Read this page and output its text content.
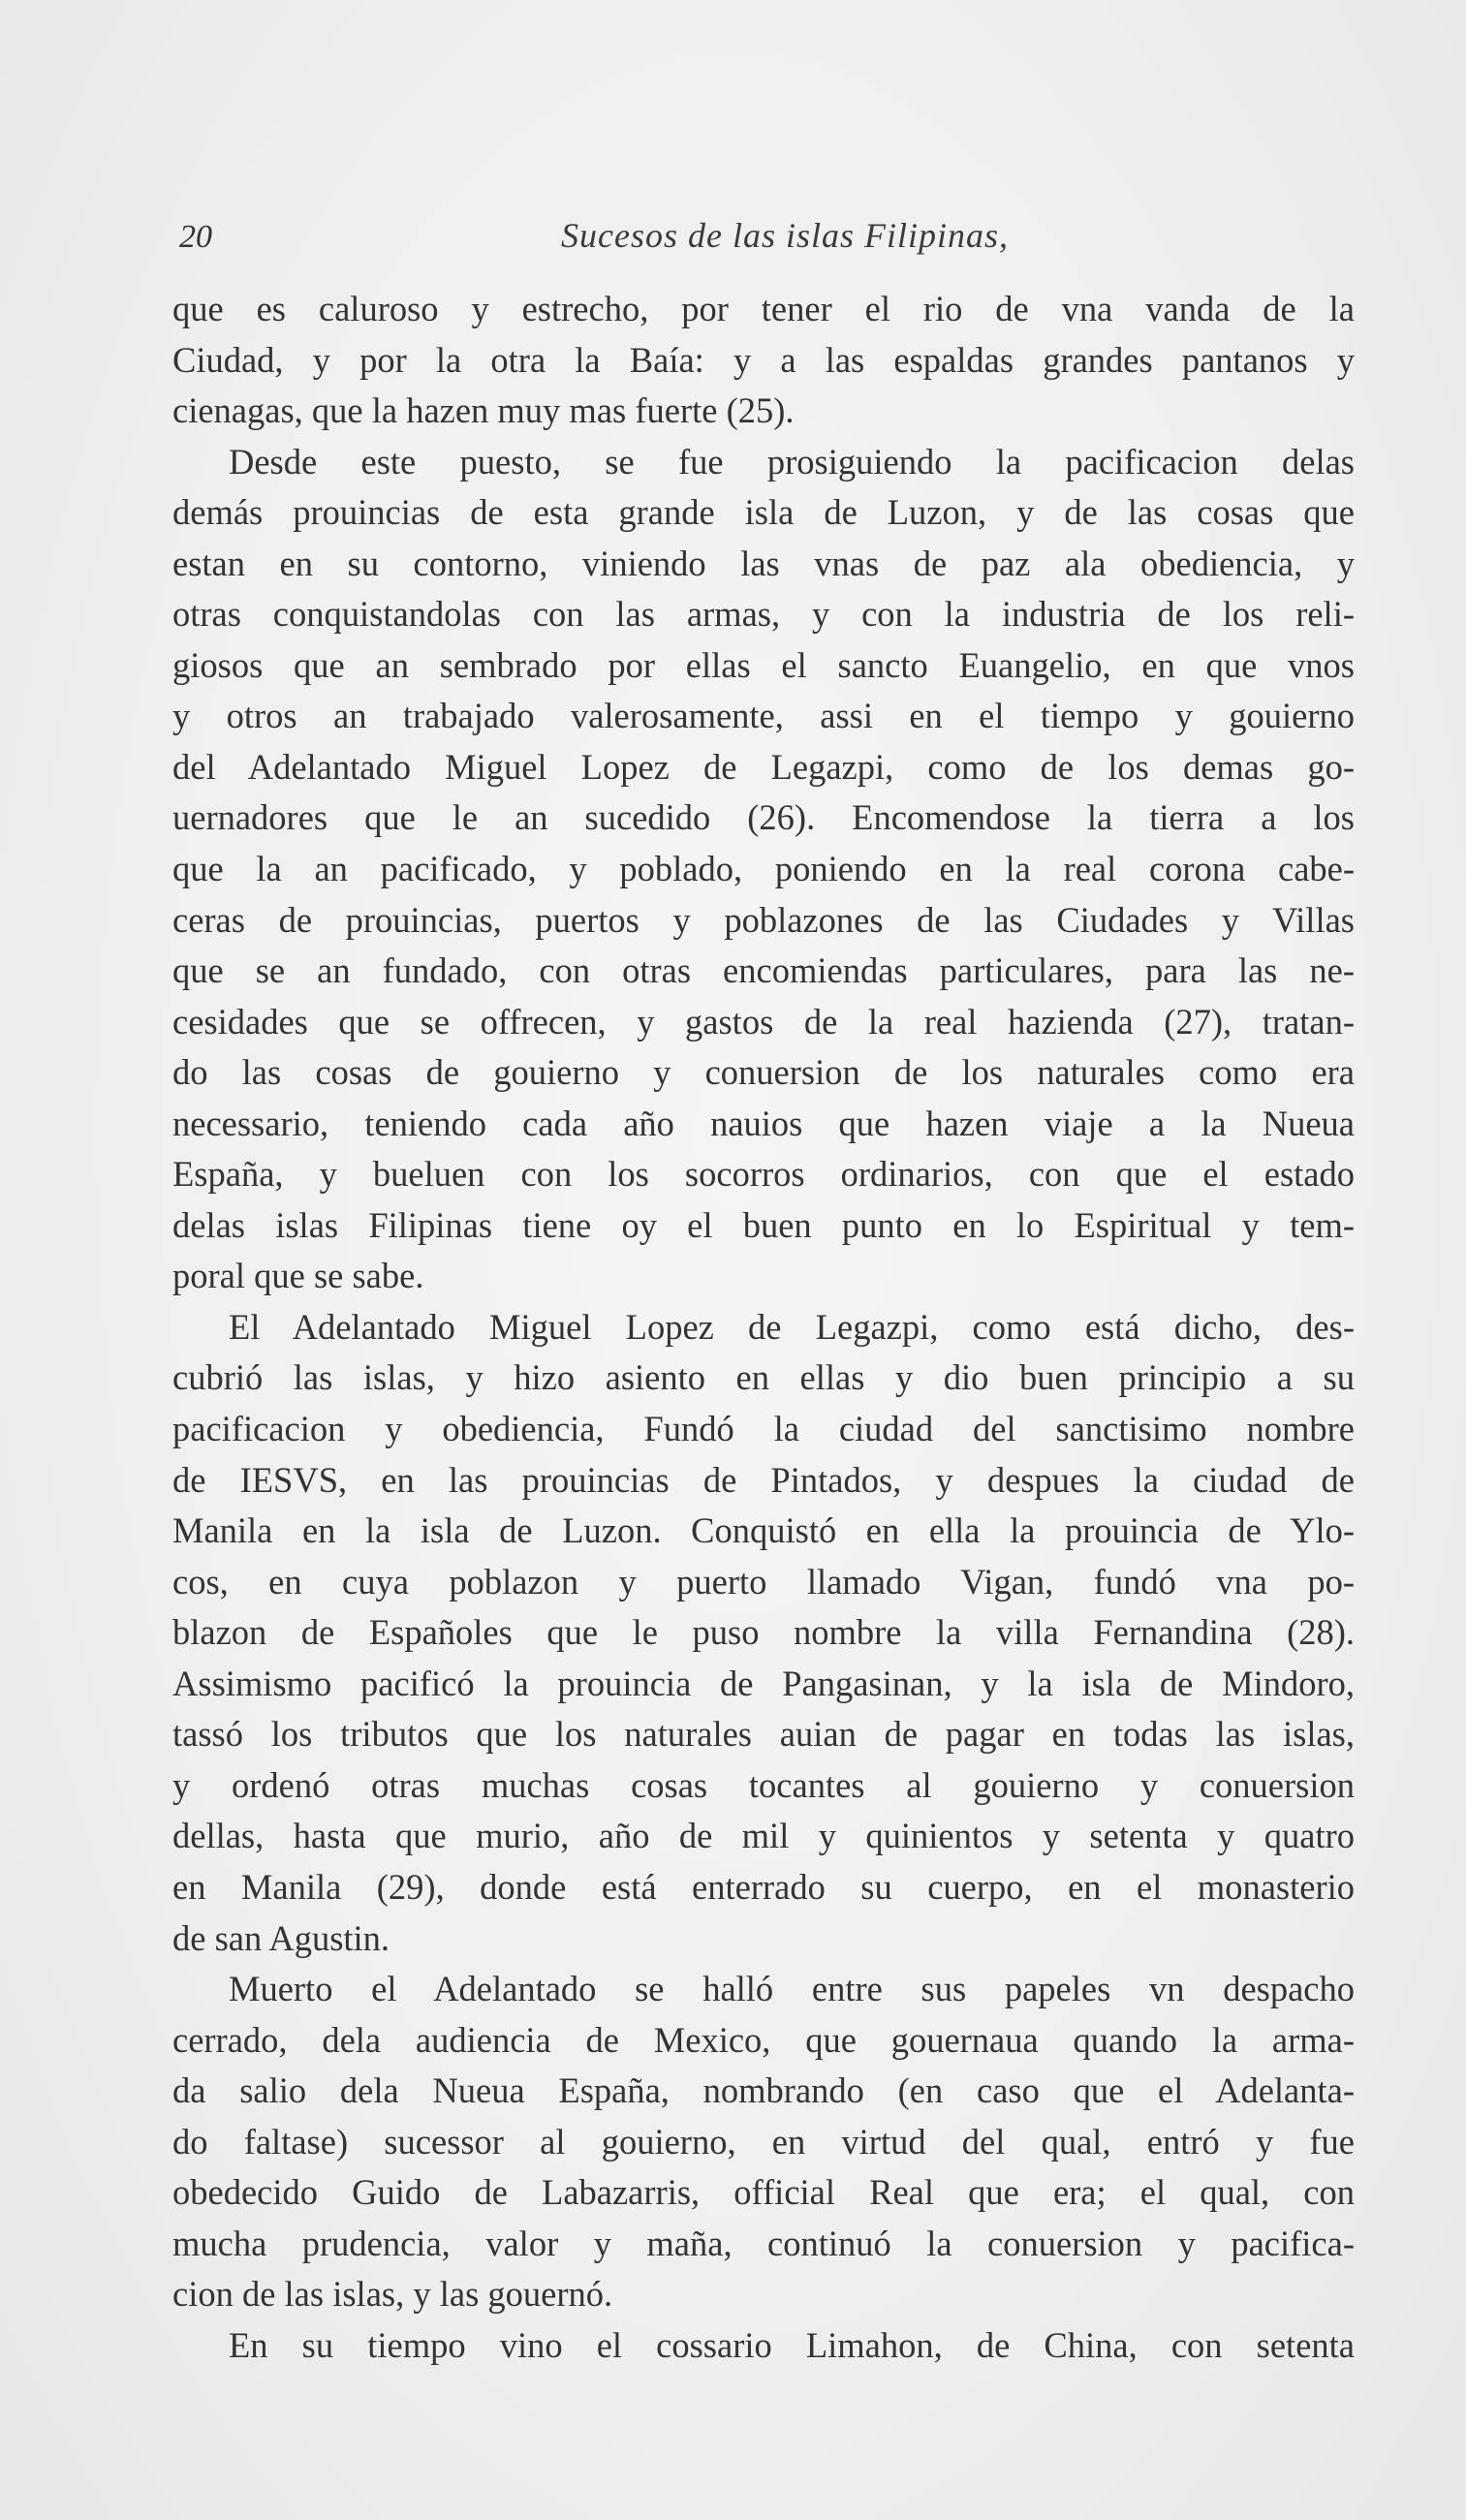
20	Sucesos de las islas Filipinas,
que es caluroso y estrecho, por tener el rio de vna vanda de la
Ciudad, y por la otra la Baía: y a las espaldas grandes pantanos y
cienagas, que la hazen muy mas fuerte (25).
Desde este puesto, se fue prosiguiendo la pacificacion delas
demás prouincias de esta grande isla de Luzon, y de las cosas que
estan en su contorno, viniendo las vnas de paz ala obediencia, y
otras conquistandolas con las armas, y con la industria de los reli-
giosos que an sembrado por ellas el sancto Euangelio, en que vnos
y otros an trabajado valerosamente, assi en el tiempo y gouierno
del Adelantado Miguel Lopez de Legazpi, como de los demas go-
uernadores que le an sucedido (26). Encomendose la tierra a los
que la an pacificado, y poblado, poniendo en la real corona cabe-
ceras de prouincias, puertos y poblazones de las Ciudades y Villas
que se an fundado, con otras encomiendas particulares, para las ne-
cesidades que se offrecen, y gastos de la real hazienda (27), tratan-
do las cosas de gouierno y conuersion de los naturales como era
necessario, teniendo cada año nauios que hazen viaje a la Nueua
España, y bueluen con los socorros ordinarios, con que el estado
delas islas Filipinas tiene oy el buen punto en lo Espiritual y tem-
poral que se sabe.
El Adelantado Miguel Lopez de Legazpi, como está dicho, des-
cubrió las islas, y hizo asiento en ellas y dio buen principio a su
pacificacion y obediencia, Fundó la ciudad del sanctisimo nombre
de IESVS, en las prouincias de Pintados, y despues la ciudad de
Manila en la isla de Luzon. Conquistó en ella la prouincia de Ylo-
cos, en cuya poblazon y puerto llamado Vigan, fundó vna po-
blazon de Españoles que le puso nombre la villa Fernandina (28).
Assimismo pacificó la prouincia de Pangasinan, y la isla de Mindoro,
tassó los tributos que los naturales auian de pagar en todas las islas,
y ordenó otras muchas cosas tocantes al gouierno y conuersion
dellas, hasta que murio, año de mil y quinientos y setenta y quatro
en Manila (29), donde está enterrado su cuerpo, en el monasterio
de san Agustin.
Muerto el Adelantado se halló entre sus papeles vn despacho
cerrado, dela audiencia de Mexico, que gouernaua quando la arma-
da salio dela Nueua España, nombrando (en caso que el Adelanta-
do faltase) sucessor al gouierno, en virtud del qual, entró y fue
obedecido Guido de Labazarris, official Real que era; el qual, con
mucha prudencia, valor y maña, continuó la conuersion y pacifica-
cion de las islas, y las gouernó.
En su tiempo vino el cossario Limahon, de China, con setenta
